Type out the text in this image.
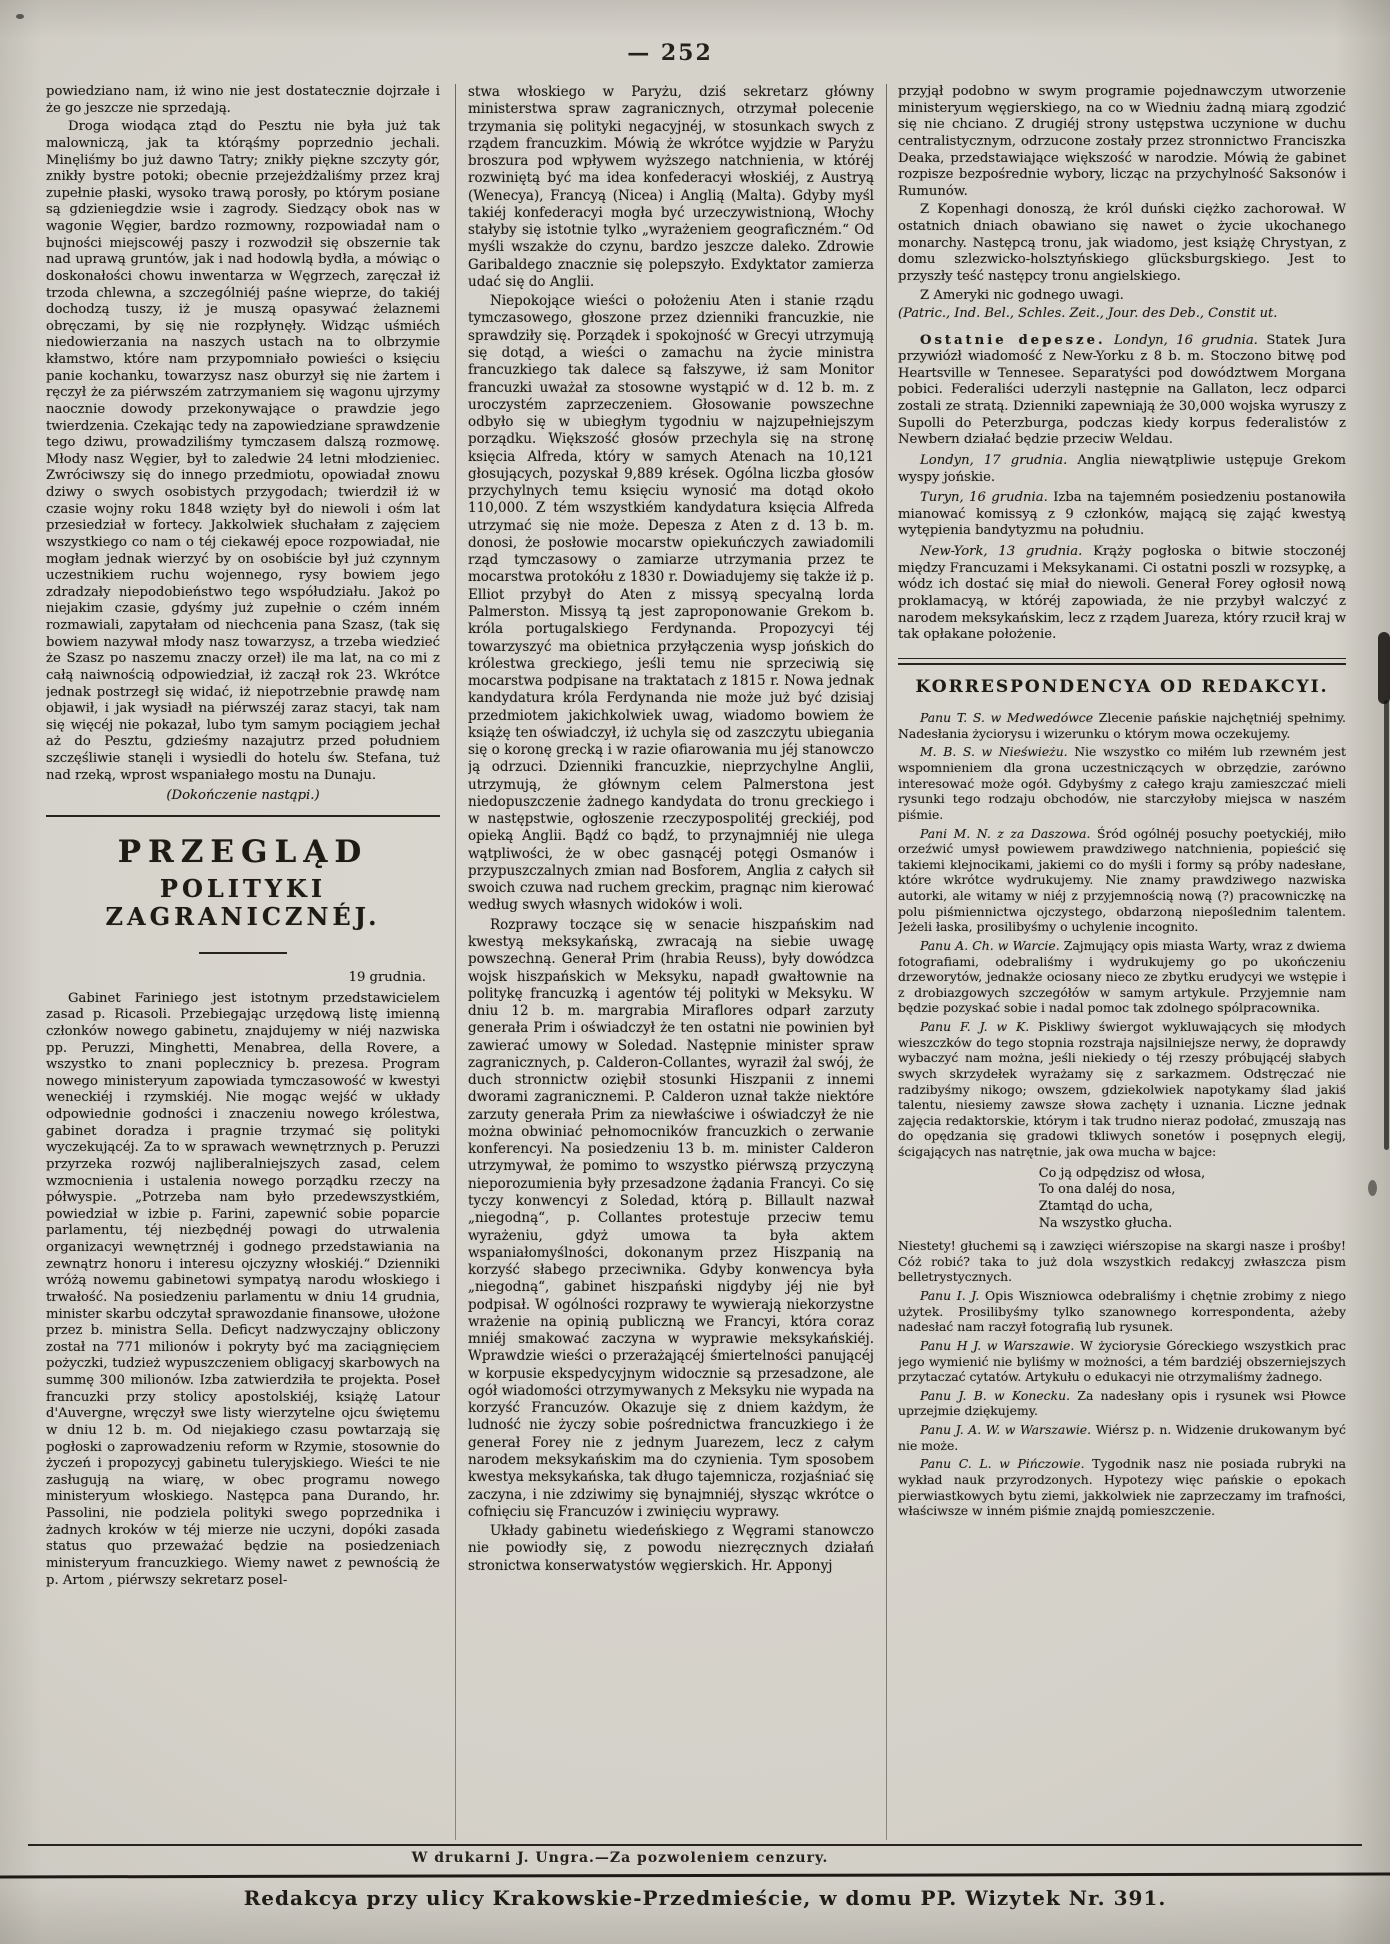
— 252

powiedziano nam, iż wino nie jest dostatecznie dojrzałe i że go jeszcze nie sprzedają.

Droga wiodąca ztąd do Pesztu nie była już tak malowniczą, jak ta którąśmy poprzednio jechali. Minęliśmy bo już dawno Tatry; znikły piękne szczyty gór, znikły bystre potoki; obecnie przejeżdżaliśmy przez kraj zupełnie płaski, wysoko trawą porosły, po którym posiane są gdzieniegdzie wsie i zagrody. Siedzący obok nas w wagonie Węgier, bardzo rozmowny, rozpowiadał nam o bujności miejscowéj paszy i rozwodził się obszernie tak nad uprawą gruntów, jak i nad hodowlą bydła, a mówiąc o doskonałości chowu inwentarza w Węgrzech, zaręczał iż trzoda chlewna, a szczególniéj paśne wieprze, do takiéj dochodzą tuszy, iż je muszą opasywać żelaznemi obręczami, by się nie rozpłynęły. Widząc uśmiéch niedowierzania na naszych ustach na to olbrzymie kłamstwo, które nam przypomniało powieści o księciu panie kochanku, towarzysz nasz oburzył się nie żartem i ręczył że za piérwszém zatrzymaniem się wagonu ujrzymy naocznie dowody przekonywające o prawdzie jego twierdzenia. Czekając tedy na zapowiedziane sprawdzenie tego dziwu, prowadziliśmy tymczasem dalszą rozmowę. Młody nasz Węgier, był to zaledwie 24 letni młodzieniec. Zwróciwszy się do innego przedmiotu, opowiadał znowu dziwy o swych osobistych przygodach; twierdził iż w czasie wojny roku 1848 wzięty był do niewoli i ośm lat przesiedział w fortecy. Jakkolwiek słuchałam z zajęciem wszystkiego co nam o téj ciekawéj epoce rozpowiadał, nie mogłam jednak wierzyć by on osobiście był już czynnym uczestnikiem ruchu wojennego, rysy bowiem jego zdradzały niepodobieństwo tego współudziału. Jakoż po niejakim czasie, gdyśmy już zupełnie o czém inném rozmawiali, zapytałam od niechcenia pana Szasz, (tak się bowiem nazywał młody nasz towarzysz, a trzeba wiedzieć że Szasz po naszemu znaczy orzeł) ile ma lat, na co mi z całą naiwnością odpowiedział, iż zaczął rok 23. Wkrótce jednak postrzegł się widać, iż niepotrzebnie prawdę nam objawił, i jak wysiadł na piérwszéj zaraz stacyi, tak nam się więcéj nie pokazał, lubo tym samym pociągiem jechał aż do Pesztu, gdzieśmy nazajutrz przed południem szczęśliwie stanęli i wysiedli do hotelu św. Stefana, tuż nad rzeką, wprost wspaniałego mostu na Dunaju.

(Dokończenie nastąpi.)

PRZEGLĄD
POLITYKI ZAGRANICZNÉJ.

19 grudnia.

Gabinet Fariniego jest istotnym przedstawicielem zasad p. Ricasoli. Przebiegając urzędową listę imienną członków nowego gabinetu, znajdujemy w niéj nazwiska pp. Peruzzi, Minghetti, Menabrea, della Rovere, a wszystko to znani poplecznicy b. prezesa. Program nowego ministeryum zapowiada tymczasowość w kwestyi weneckiéj i rzymskiéj. Nie mogąc wejść w układy odpowiednie godności i znaczeniu nowego królestwa, gabinet doradza i pragnie trzymać się polityki wyczekującéj. Za to w sprawach wewnętrznych p. Peruzzi przyrzeka rozwój najliberalniejszych zasad, celem wzmocnienia i ustalenia nowego porządku rzeczy na półwyspie. „Potrzeba nam było przedewszystkiém, powiedział w izbie p. Farini, zapewnić sobie poparcie parlamentu, téj niezbędnéj powagi do utrwalenia organizacyi wewnętrznéj i godnego przedstawiania na zewnątrz honoru i interesu ojczyzny włoskiéj.“ Dzienniki wróżą nowemu gabinetowi sympatyą narodu włoskiego i trwałość. Na posiedzeniu parlamentu w dniu 14 grudnia, minister skarbu odczytał sprawozdanie finansowe, ułożone przez b. ministra Sella. Deficyt nadzwyczajny obliczony został na 771 milionów i pokryty być ma zaciągnięciem pożyczki, tudzież wypuszczeniem obligacyj skarbowych na summę 300 milionów. Izba zatwierdziła te projekta. Poseł francuzki przy stolicy apostolskiéj, książę Latour d'Auvergne, wręczył swe listy wierzytelne ojcu świętemu w dniu 12 b. m. Od niejakiego czasu powtarzają się pogłoski o zaprowadzeniu reform w Rzymie, stosownie do życzeń i propozycyj gabinetu tuleryjskiego. Wieści te nie zasługują na wiarę, w obec programu nowego ministeryum włoskiego. Następca pana Durando, hr. Passolini, nie podziela polityki swego poprzednika i żadnych kroków w téj mierze nie uczyni, dopóki zasada status quo przeważać będzie na posiedzeniach ministeryum francuzkiego. Wiemy nawet z pewnością że p. Artom , piérwszy sekretarz posel-

stwa włoskiego w Paryżu, dziś sekretarz główny ministerstwa spraw zagranicznych, otrzymał polecenie trzymania się polityki negacyjnéj, w stosunkach swych z rządem francuzkim. Mówią że wkrótce wyjdzie w Paryżu broszura pod wpływem wyższego natchnienia, w któréj rozwiniętą być ma idea konfederacyi włoskiéj, z Austryą (Wenecya), Francyą (Nicea) i Anglią (Malta). Gdyby myśl takiéj konfederacyi mogła być urzeczywistnioną, Włochy stałyby się istotnie tylko „wyrażeniem geograficzném.“ Od myśli wszakże do czynu, bardzo jeszcze daleko. Zdrowie Garibaldego znacznie się polepszyło. Exdyktator zamierza udać się do Anglii.

Niepokojące wieści o położeniu Aten i stanie rządu tymczasowego, głoszone przez dzienniki francuzkie, nie sprawdziły się. Porządek i spokojność w Grecyi utrzymują się dotąd, a wieści o zamachu na życie ministra francuzkiego tak dalece są fałszywe, iż sam Monitor francuzki uważał za stosowne wystąpić w d. 12 b. m. z uroczystém zaprzeczeniem. Głosowanie powszechne odbyło się w ubiegłym tygodniu w najzupełniejszym porządku. Większość głosów przechyla się na stronę księcia Alfreda, który w samych Atenach na 10,121 głosujących, pozyskał 9,889 krések. Ogólna liczba głosów przychylnych temu księciu wynosić ma dotąd około 110,000. Z tém wszystkiém kandydatura księcia Alfreda utrzymać się nie może. Depesza z Aten z d. 13 b. m. donosi, że posłowie mocarstw opiekuńczych zawiadomili rząd tymczasowy o zamiarze utrzymania przez te mocarstwa protokółu z 1830 r. Dowiadujemy się także iż p. Elliot przybył do Aten z missyą specyalną lorda Palmerston. Missyą tą jest zaproponowanie Grekom b. króla portugalskiego Ferdynanda. Propozycyi téj towarzyszyć ma obietnica przyłączenia wysp jońskich do królestwa greckiego, jeśli temu nie sprzeciwią się mocarstwa podpisane na traktatach z 1815 r. Nowa jednak kandydatura króla Ferdynanda nie może już być dzisiaj przedmiotem jakichkolwiek uwag, wiadomo bowiem że książę ten oświadczył, iż uchyla się od zaszczytu ubiegania się o koronę grecką i w razie ofiarowania mu jéj stanowczo ją odrzuci. Dzienniki francuzkie, nieprzychylne Anglii, utrzymują, że głównym celem Palmerstona jest niedopuszczenie żadnego kandydata do tronu greckiego i w następstwie, ogłoszenie rzeczypospolitéj greckiéj, pod opieką Anglii. Bądź co bądź, to przynajmniéj nie ulega wątpliwości, że w obec gasnącéj potęgi Osmanów i przypuszczalnych zmian nad Bosforem, Anglia z całych sił swoich czuwa nad ruchem greckim, pragnąc nim kierować według swych własnych widoków i woli.

Rozprawy toczące się w senacie hiszpańskim nad kwestyą meksykańską, zwracają na siebie uwagę powszechną. Generał Prim (hrabia Reuss), były dowódzca wojsk hiszpańskich w Meksyku, napadł gwałtownie na politykę francuzką i agentów téj polityki w Meksyku. W dniu 12 b. m. margrabia Miraflores odparł zarzuty generała Prim i oświadczył że ten ostatni nie powinien był zawierać umowy w Soledad. Następnie minister spraw zagranicznych, p. Calderon-Collantes, wyraził żal swój, że duch stronnictw oziębił stosunki Hiszpanii z innemi dworami zagranicznemi. P. Calderon uznał także niektóre zarzuty generała Prim za niewłaściwe i oświadczył że nie można obwiniać pełnomocników francuzkich o zerwanie konferencyi. Na posiedzeniu 13 b. m. minister Calderon utrzymywał, że pomimo to wszystko piérwszą przyczyną nieporozumienia były przesadzone żądania Francyi. Co się tyczy konwencyi z Soledad, którą p. Billault nazwał „niegodną“, p. Collantes protestuje przeciw temu wyrażeniu, gdyż umowa ta była aktem wspaniałomyślności, dokonanym przez Hiszpanią na korzyść słabego przeciwnika. Gdyby konwencya była „niegodną“, gabinet hiszpański nigdyby jéj nie był podpisał. W ogólności rozprawy te wywierają niekorzystne wrażenie na opinią publiczną we Francyi, która coraz mniéj smakować zaczyna w wyprawie meksykańskiéj. Wprawdzie wieści o przerażającéj śmiertelności panującéj w korpusie ekspedycyjnym widocznie są przesadzone, ale ogół wiadomości otrzymywanych z Meksyku nie wypada na korzyść Francuzów. Okazuje się z dniem każdym, że ludność nie życzy sobie pośrednictwa francuzkiego i że generał Forey nie z jednym Juarezem, lecz z całym narodem meksykańskim ma do czynienia. Tym sposobem kwestya meksykańska, tak długo tajemnicza, rozjaśniać się zaczyna, i nie zdziwimy się bynajmniéj, słysząc wkrótce o cofnięciu się Francuzów i zwinięciu wyprawy.

Układy gabinetu wiedeńskiego z Węgrami stanowczo nie powiodły się, z powodu niezręcznych działań stronictwa konserwatystów węgierskich. Hr. Apponyj

przyjął podobno w swym programie pojednawczym utworzenie ministeryum węgierskiego, na co w Wiedniu żadną miarą zgodzić się nie chciano. Z drugiéj strony ustępstwa uczynione w duchu centralistycznym, odrzucone zostały przez stronnictwo Franciszka Deaka, przedstawiające większość w narodzie. Mówią że gabinet rozpisze bezpośrednie wybory, licząc na przychylność Saksonów i Rumunów.

Z Kopenhagi donoszą, że król duński ciężko zachorował. W ostatnich dniach obawiano się nawet o życie ukochanego monarchy. Następcą tronu, jak wiadomo, jest książę Chrystyan, z domu szlezwicko-holsztyńskiego glücksburgskiego. Jest to przyszły teść następcy tronu angielskiego.

Z Ameryki nic godnego uwagi.

(Patric., Ind. Bel., Schles. Zeit., Jour. des Deb., Constit ut.

Ostatnie depesze. Londyn, 16 grudnia. Statek Jura przywiózł wiadomość z New-Yorku z 8 b. m. Stoczono bitwę pod Heartsville w Tennesee. Separatyści pod dowództwem Morgana pobici. Federaliści uderzyli następnie na Gallaton, lecz odparci zostali ze stratą. Dzienniki zapewniają że 30,000 wojska wyruszy z Supolli do Peterzburga, podczas kiedy korpus federalistów z Newbern działać będzie przeciw Weldau.

Londyn, 17 grudnia. Anglia niewątpliwie ustępuje Grekom wyspy jońskie.

Turyn, 16 grudnia. Izba na tajemném posiedzeniu postanowiła mianować komissyą z 9 członków, mającą się zająć kwestyą wytępienia bandytyzmu na południu.

New-York, 13 grudnia. Krąży pogłoska o bitwie stoczonéj między Francuzami i Meksykanami. Ci ostatni poszli w rozsypkę, a wódz ich dostać się miał do niewoli. Generał Forey ogłosił nową proklamacyą, w któréj zapowiada, że nie przybył walczyć z narodem meksykańskim, lecz z rządem Juareza, który rzucił kraj w tak opłakane położenie.

KORRESPONDENCYA OD REDAKCYI.

Panu T. S. w Medwedówce Zlecenie pańskie najchętniéj spełnimy. Nadesłania życiorysu i wizerunku o którym mowa oczekujemy.

M. B. S. w Nieświeżu. Nie wszystko co miłém lub rzewném jest wspomnieniem dla grona uczestniczących w obrzędzie, zarówno interesować może ogół. Gdybyśmy z całego kraju zamieszczać mieli rysunki tego rodzaju obchodów, nie starczyłoby miejsca w naszém piśmie.

Pani M. N. z za Daszowa. Śród ogólnéj posuchy poetyckiéj, miło orzeźwić umysł powiewem prawdziwego natchnienia, popieścić się takiemi klejnocikami, jakiemi co do myśli i formy są próby nadesłane, które wkrótce wydrukujemy. Nie znamy prawdziwego nazwiska autorki, ale witamy w niéj z przyjemnością nową (?) pracowniczkę na polu piśmiennictwa ojczystego, obdarzoną niepoślednim talentem. Jeżeli łaska, prosilibyśmy o uchylenie incognito.

Panu A. Ch. w Warcie. Zajmujący opis miasta Warty, wraz z dwiema fotografiami, odebraliśmy i wydrukujemy go po ukończeniu drzeworytów, jednakże ociosany nieco ze zbytku erudycyi we wstępie i z drobiazgowych szczegółów w samym artykule. Przyjemnie nam będzie pozyskać sobie i nadal pomoc tak zdolnego spólpracownika.

Panu F. J. w K. Piskliwy świergot wykluwających się młodych wieszczków do tego stopnia rozstraja najsilniejsze nerwy, że doprawdy wybaczyć nam można, jeśli niekiedy o téj rzeszy próbującéj słabych swych skrzydełek wyrażamy się z sarkazmem. Odstręczać nie radzibyśmy nikogo; owszem, gdziekolwiek napotykamy ślad jakiś talentu, niesiemy zawsze słowa zachęty i uznania. Liczne jednak zajęcia redaktorskie, którym i tak trudno nieraz podołać, zmuszają nas do opędzania się gradowi tkliwych sonetów i posępnych elegij, ścigających nas natrętnie, jak owa mucha w bajce:

Co ją odpędzisz od włosa,
To ona daléj do nosa,
Ztamtąd do ucha,
Na wszystko głucha.

Niestety! głuchemi są i zawzięci wiérszopise na skargi nasze i prośby! Cóż robić? taka to już dola wszystkich redakcyj zwłaszcza pism belletrystycznych.

Panu I. J. Opis Wiszniowca odebraliśmy i chętnie zrobimy z niego użytek. Prosilibyśmy tylko szanownego korrespondenta, ażeby nadesłać nam raczył fotografią lub rysunek.

Panu H J. w Warszawie. W życiorysie Góreckiego wszystkich prac jego wymienić nie byliśmy w możności, a tém bardziéj obszerniejszych przytaczać cytatów. Artykułu o edukacyi nie otrzymaliśmy żadnego.

Panu J. B. w Konecku. Za nadesłany opis i rysunek wsi Płowce uprzejmie dziękujemy.

Panu J. A. W. w Warszawie. Wiérsz p. n. Widzenie drukowanym być nie może.

Panu C. L. w Pińczowie. Tygodnik nasz nie posiada rubryki na wykład nauk przyrodzonych. Hypotezy więc pańskie o epokach pierwiastkowych bytu ziemi, jakkolwiek nie zaprzeczamy im trafności, właściwsze w inném piśmie znajdą pomieszczenie.

W drukarni J. Ungra.—Za pozwoleniem cenzury.
Redakcya przy ulicy Krakowskie-Przedmieście, w domu PP. Wizytek Nr. 391.
